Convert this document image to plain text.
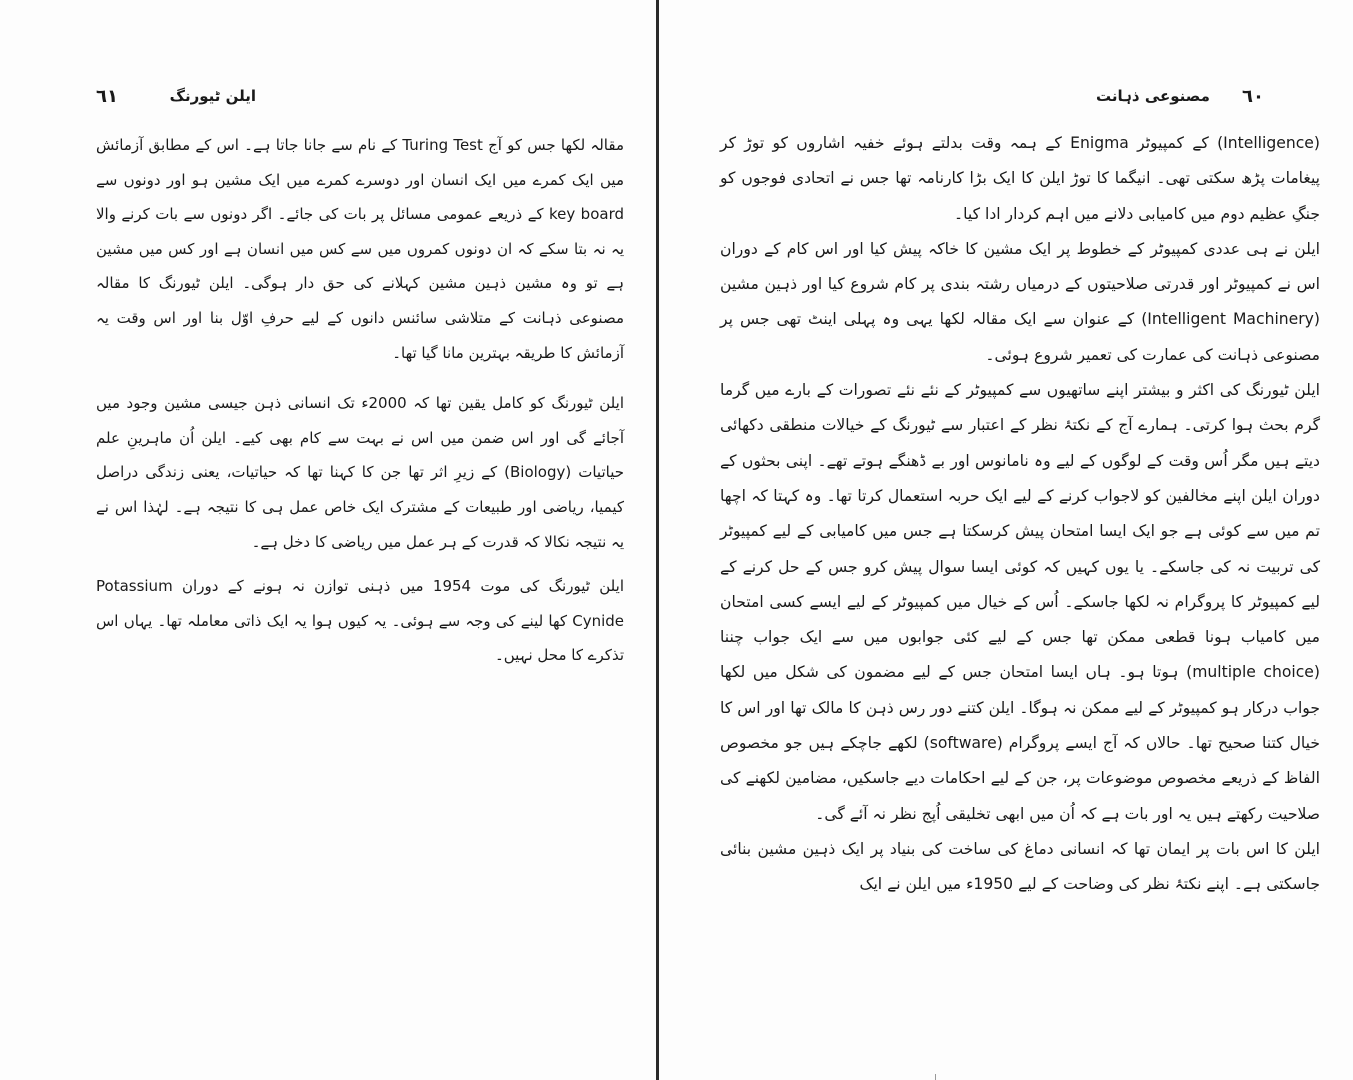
ایلن ٹیورنگ
٦١

مقالہ لکھا جس کو آج Turing Test کے نام سے جانا جاتا ہے۔ اس کے مطابق آزمائش میں ایک کمرے میں ایک انسان اور دوسرے کمرے میں ایک مشین ہو اور دونوں سے key board کے ذریعے عمومی مسائل پر بات کی جائے۔ اگر دونوں سے بات کرنے والا یہ نہ بتا سکے کہ ان دونوں کمروں میں سے کس میں انسان ہے اور کس میں مشین ہے تو وہ مشین ذہین مشین کہلانے کی حق دار ہوگی۔ ایلن ٹیورنگ کا مقالہ مصنوعی ذہانت کے متلاشی سائنس دانوں کے لیے حرفِ اوّل بنا اور اس وقت یہ آزمائش کا طریقہ بہترین مانا گیا تھا۔

ایلن ٹیورنگ کو کامل یقین تھا کہ 2000ء تک انسانی ذہن جیسی مشین وجود میں آجائے گی اور اس ضمن میں اس نے بہت سے کام بھی کیے۔ ایلن اُن ماہرینِ علم حیاتیات (Biology) کے زیرِ اثر تھا جن کا کہنا تھا کہ حیاتیات، یعنی زندگی دراصل کیمیا، ریاضی اور طبیعات کے مشترک ایک خاص عمل ہی کا نتیجہ ہے۔ لہٰذا اس نے یہ نتیجہ نکالا کہ قدرت کے ہر عمل میں ریاضی کا دخل ہے۔

ایلن ٹیورنگ کی موت 1954 میں ذہنی توازن نہ ہونے کے دوران Potassium Cynide کھا لینے کی وجہ سے ہوئی۔ یہ کیوں ہوا یہ ایک ذاتی معاملہ تھا۔ یہاں اس تذکرے کا محل نہیں۔

٦٠
مصنوعی ذہانت

(Intelligence) کے کمپیوٹر Enigma کے ہمہ وقت بدلتے ہوئے خفیہ اشاروں کو توڑ کر پیغامات پڑھ سکتی تھی۔ انیگما کا توڑ ایلن کا ایک بڑا کارنامہ تھا جس نے اتحادی فوجوں کو جنگِ عظیم دوم میں کامیابی دلانے میں اہم کردار ادا کیا۔

ایلن نے ہی عددی کمپیوٹر کے خطوط پر ایک مشین کا خاکہ پیش کیا اور اس کام کے دوران اس نے کمپیوٹر اور قدرتی صلاحیتوں کے درمیاں رشتہ بندی پر کام شروع کیا اور ذہین مشین (Intelligent Machinery) کے عنوان سے ایک مقالہ لکھا یہی وہ پہلی اینٹ تھی جس پر مصنوعی ذہانت کی عمارت کی تعمیر شروع ہوئی۔

ایلن ٹیورنگ کی اکثر و بیشتر اپنے ساتھیوں سے کمپیوٹر کے نئے نئے تصورات کے بارے میں گرما گرم بحث ہوا کرتی۔ ہمارے آج کے نکتۂ نظر کے اعتبار سے ٹیورنگ کے خیالات منطقی دکھائی دیتے ہیں مگر اُس وقت کے لوگوں کے لیے وہ نامانوس اور بے ڈھنگے ہوتے تھے۔ اپنی بحثوں کے دوران ایلن اپنے مخالفین کو لاجواب کرنے کے لیے ایک حربہ استعمال کرتا تھا۔ وہ کہتا کہ اچھا تم میں سے کوئی ہے جو ایک ایسا امتحان پیش کرسکتا ہے جس میں کامیابی کے لیے کمپیوٹر کی تربیت نہ کی جاسکے۔ یا یوں کہیں کہ کوئی ایسا سوال پیش کرو جس کے حل کرنے کے لیے کمپیوٹر کا پروگرام نہ لکھا جاسکے۔ اُس کے خیال میں کمپیوٹر کے لیے ایسے کسی امتحان میں کامیاب ہونا قطعی ممکن تھا جس کے لیے کئی جوابوں میں سے ایک جواب چننا (multiple choice) ہوتا ہو۔ ہاں ایسا امتحان جس کے لیے مضمون کی شکل میں لکھا جواب درکار ہو کمپیوٹر کے لیے ممکن نہ ہوگا۔ ایلن کتنے دور رس ذہن کا مالک تھا اور اس کا خیال کتنا صحیح تھا۔ حالاں کہ آج ایسے پروگرام (software) لکھے جاچکے ہیں جو مخصوص الفاظ کے ذریعے مخصوص موضوعات پر، جن کے لیے احکامات دیے جاسکیں، مضامین لکھنے کی صلاحیت رکھتے ہیں یہ اور بات ہے کہ اُن میں ابھی تخلیقی اُپج نظر نہ آئے گی۔

ایلن کا اس بات پر ایمان تھا کہ انسانی دماغ کی ساخت کی بنیاد پر ایک ذہین مشین بنائی جاسکتی ہے۔ اپنے نکتۂ نظر کی وضاحت کے لیے 1950ء میں ایلن نے ایک
